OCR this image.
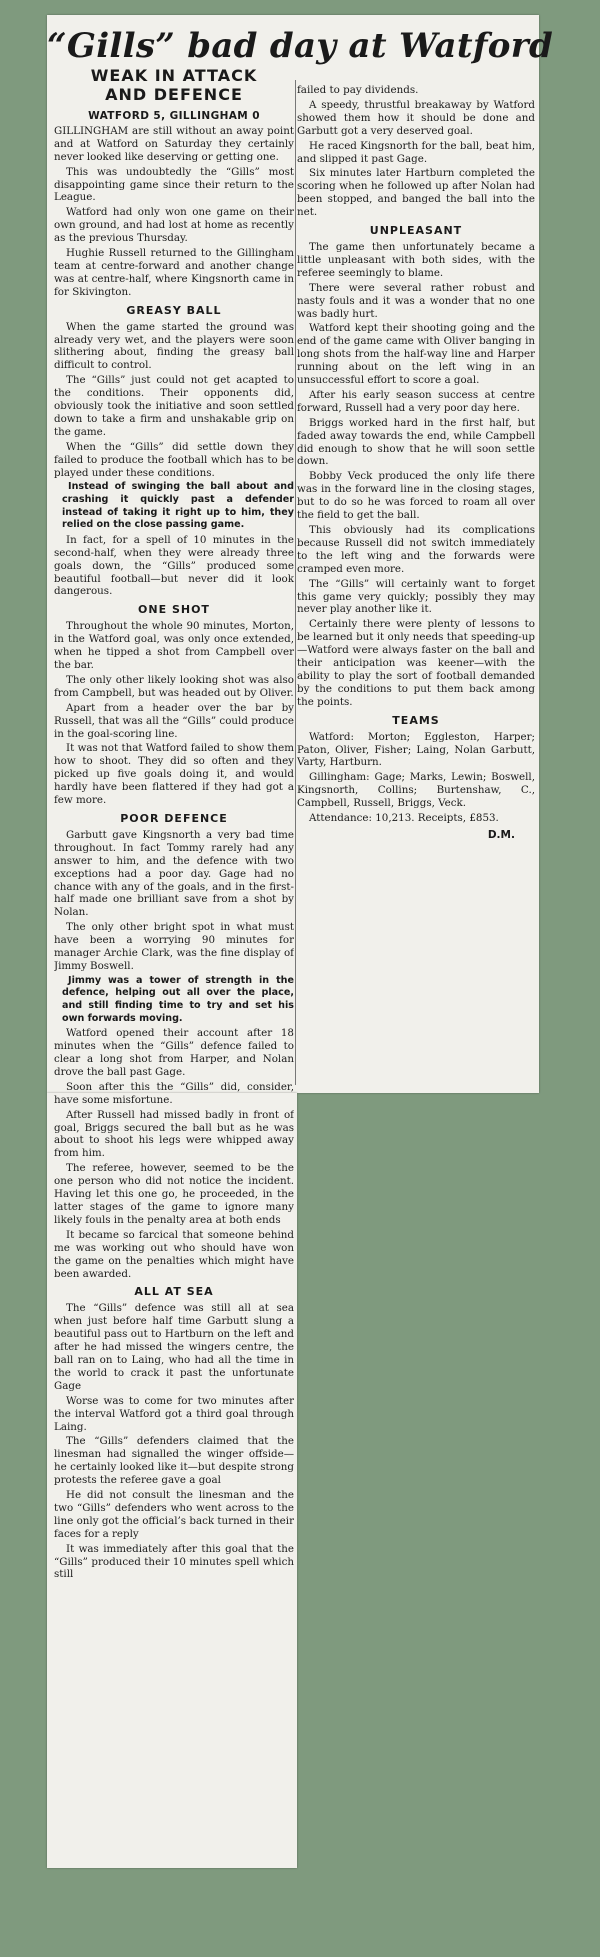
“Gills” bad day at Watford
WEAK IN ATTACK
AND DEFENCE
WATFORD 5, GILLINGHAM 0

GILLINGHAM are still without an away point and at Watford on Saturday they certainly never looked like deserving or getting one.

This was undoubtedly the “Gills” most disappointing game since their return to the League.

Watford had only won one game on their own ground, and had lost at home as recently as the previous Thursday.

Hughie Russell returned to the Gillingham team at centre-forward and another change was at centre-half, where Kingsnorth came in for Skivington.

GREASY BALL

When the game started the ground was already very wet, and the players were soon slithering about, finding the greasy ball difficult to control.

The “Gills” just could not get acapted to the conditions. Their opponents did, obviously took the initiative and soon settled down to take a firm and unshakable grip on the game.

When the “Gills” did settle down they failed to produce the football which has to be played under these conditions.

Instead of swinging the ball about and crashing it quickly past a defender instead of taking it right up to him, they relied on the close passing game.

In fact, for a spell of 10 minutes in the second-half, when they were already three goals down, the “Gills” produced some beautiful football—but never did it look dangerous.

ONE SHOT

Throughout the whole 90 minutes, Morton, in the Watford goal, was only once extended, when he tipped a shot from Campbell over the bar.

The only other likely looking shot was also from Campbell, but was headed out by Oliver.

Apart from a header over the bar by Russell, that was all the “Gills” could produce in the goal-scoring line.

It was not that Watford failed to show them how to shoot. They did so often and they picked up five goals doing it, and would hardly have been flattered if they had got a few more.

POOR DEFENCE

Garbutt gave Kingsnorth a very bad time throughout. In fact Tommy rarely had any answer to him, and the defence with two exceptions had a poor day. Gage had no chance with any of the goals, and in the first-half made one brilliant save from a shot by Nolan.

The only other bright spot in what must have been a worrying 90 minutes for manager Archie Clark, was the fine display of Jimmy Boswell.

Jimmy was a tower of strength in the defence, helping out all over the place, and still finding time to try and set his own forwards moving.

Watford opened their account after 18 minutes when the “Gills” defence failed to clear a long shot from Harper, and Nolan drove the ball past Gage.

Soon after this the “Gills” did, consider, have some misfortune.

After Russell had missed badly in front of goal, Briggs secured the ball but as he was about to shoot his legs were whipped away from him.

The referee, however, seemed to be the one person who did not notice the incident. Having let this one go, he proceeded, in the latter stages of the game to ignore many likely fouls in the penalty area at both ends

It became so farcical that someone behind me was working out who should have won the game on the penalties which might have been awarded.

ALL AT SEA

The “Gills” defence was still all at sea when just before half time Garbutt slung a beautiful pass out to Hartburn on the left and after he had missed the wingers centre, the ball ran on to Laing, who had all the time in the world to crack it past the unfortunate Gage

Worse was to come for two minutes after the interval Watford got a third goal through Laing.

The “Gills” defenders claimed that the linesman had signalled the winger offside—he certainly looked like it—but despite strong protests the referee gave a goal

He did not consult the linesman and the two “Gills” defenders who went across to the line only got the official’s back turned in their faces for a reply

It was immediately after this goal that the “Gills” produced their 10 minutes spell which still

failed to pay dividends.

A speedy, thrustful breakaway by Watford showed them how it should be done and Garbutt got a very deserved goal.

He raced Kingsnorth for the ball, beat him, and slipped it past Gage.

Six minutes later Hartburn completed the scoring when he followed up after Nolan had been stopped, and banged the ball into the net.

UNPLEASANT

The game then unfortunately became a little unpleasant with both sides, with the referee seemingly to blame.

There were several rather robust and nasty fouls and it was a wonder that no one was badly hurt.

Watford kept their shooting going and the end of the game came with Oliver banging in long shots from the half-way line and Harper running about on the left wing in an unsuccessful effort to score a goal.

After his early season success at centre forward, Russell had a very poor day here.

Briggs worked hard in the first half, but faded away towards the end, while Campbell did enough to show that he will soon settle down.

Bobby Veck produced the only life there was in the forward line in the closing stages, but to do so he was forced to roam all over the field to get the ball.

This obviously had its complications because Russell did not switch immediately to the left wing and the forwards were cramped even more.

The “Gills” will certainly want to forget this game very quickly; possibly they may never play another like it.

Certainly there were plenty of lessons to be learned but it only needs that speeding-up—Watford were always faster on the ball and their anticipation was keener—with the ability to play the sort of football demanded by the conditions to put them back among the points.

TEAMS

Watford: Morton; Eggleston, Harper; Paton, Oliver, Fisher; Laing, Nolan Garbutt, Varty, Hartburn.

Gillingham: Gage; Marks, Lewin; Boswell, Kingsnorth, Collins; Burtenshaw, C., Campbell, Russell, Briggs, Veck.

Attendance: 10,213. Receipts, £853.

D.M.
